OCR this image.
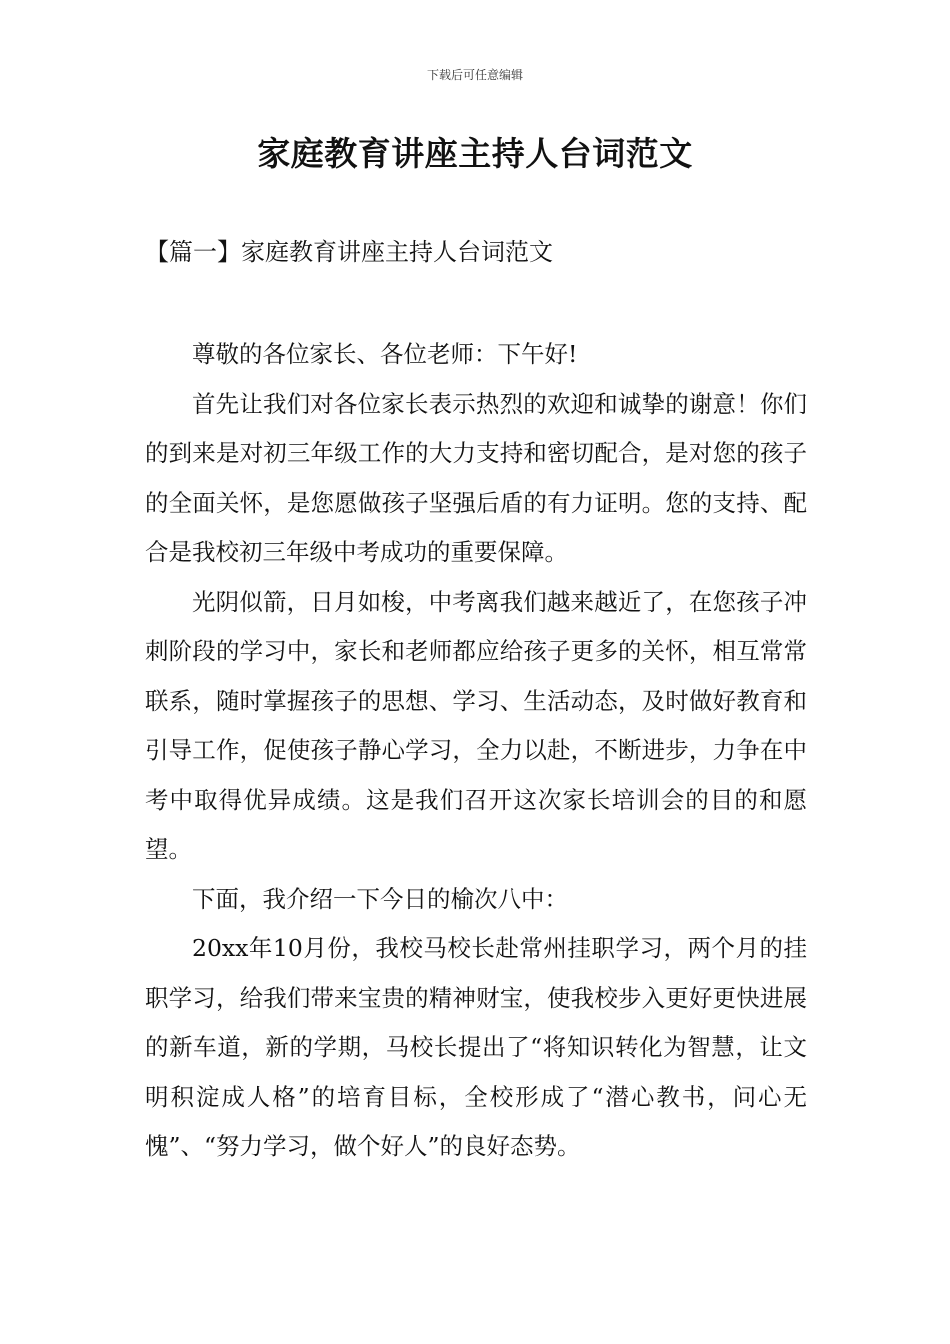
下载后可任意编辑
家庭教育讲座主持人台词范文
【篇一】家庭教育讲座主持人台词范文

尊敬的各位家长、各位老师：下午好!

首先让我们对各位家长表示热烈的欢迎和诚挚的谢意！你们的到来是对初三年级工作的大力支持和密切配合，是对您的孩子的全面关怀，是您愿做孩子坚强后盾的有力证明。您的支持、配合是我校初三年级中考成功的重要保障。

光阴似箭，日月如梭，中考离我们越来越近了，在您孩子冲刺阶段的学习中，家长和老师都应给孩子更多的关怀，相互常常联系，随时掌握孩子的思想、学习、生活动态，及时做好教育和引导工作，促使孩子静心学习，全力以赴，不断进步，力争在中考中取得优异成绩。这是我们召开这次家长培训会的目的和愿望。

下面，我介绍一下今日的榆次八中：

20xx年10月份，我校马校长赴常州挂职学习，两个月的挂职学习，给我们带来宝贵的精神财宝，使我校步入更好更快进展的新车道，新的学期，马校长提出了“将知识转化为智慧，让文明积淀成人格”的培育目标，全校形成了“潜心教书，问心无愧”、“努力学习，做个好人”的良好态势。
